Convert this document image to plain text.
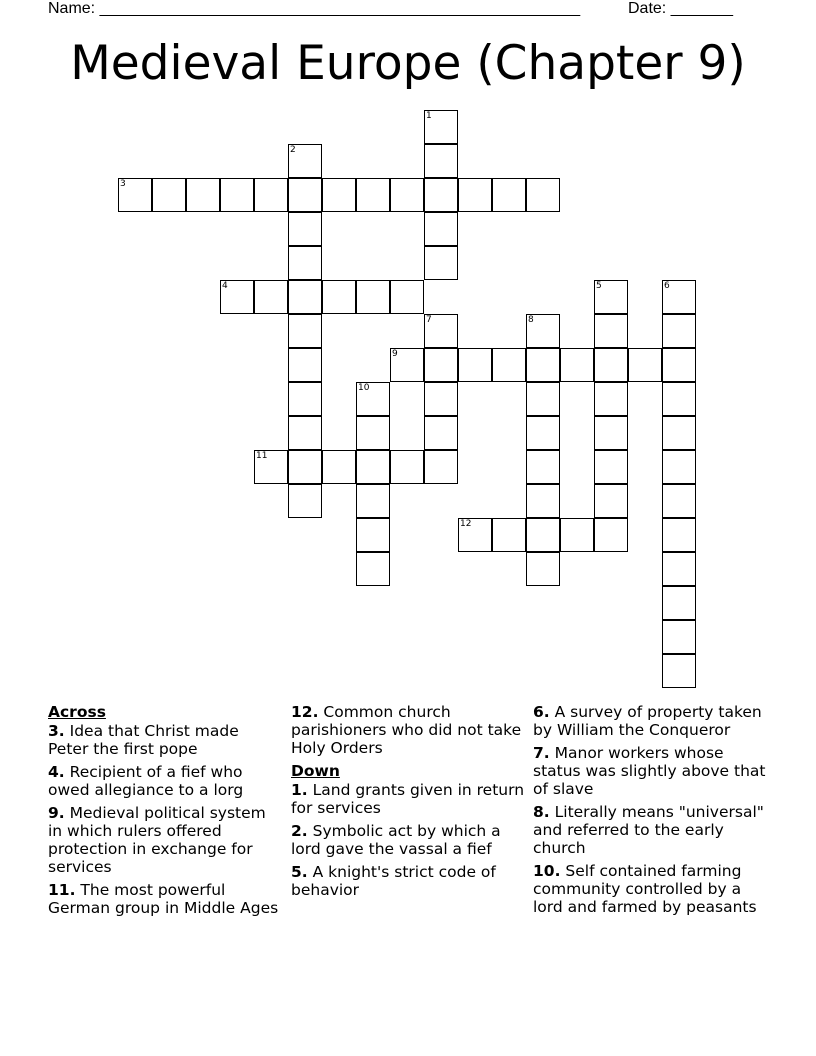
Name: ______________________________________________________	Date: _______
Medieval Europe (Chapter 9)
1
2
3
4	5	6
7	8
9
10
11
12
Across
3. Idea that Christ made Peter the first pope
4. Recipient of a fief who owed allegiance to a lorg
9. Medieval political system in which rulers offered protection in exchange for services
11. The most powerful German group in Middle Ages
12. Common church parishioners who did not take Holy Orders
Down
1. Land grants given in return for services
2. Symbolic act by which a lord gave the vassal a fief
5. A knight's strict code of behavior
6. A survey of property taken by William the Conqueror
7. Manor workers whose status was slightly above that of slave
8. Literally means "universal" and referred to the early church
10. Self contained farming community controlled by a lord and farmed by peasants
